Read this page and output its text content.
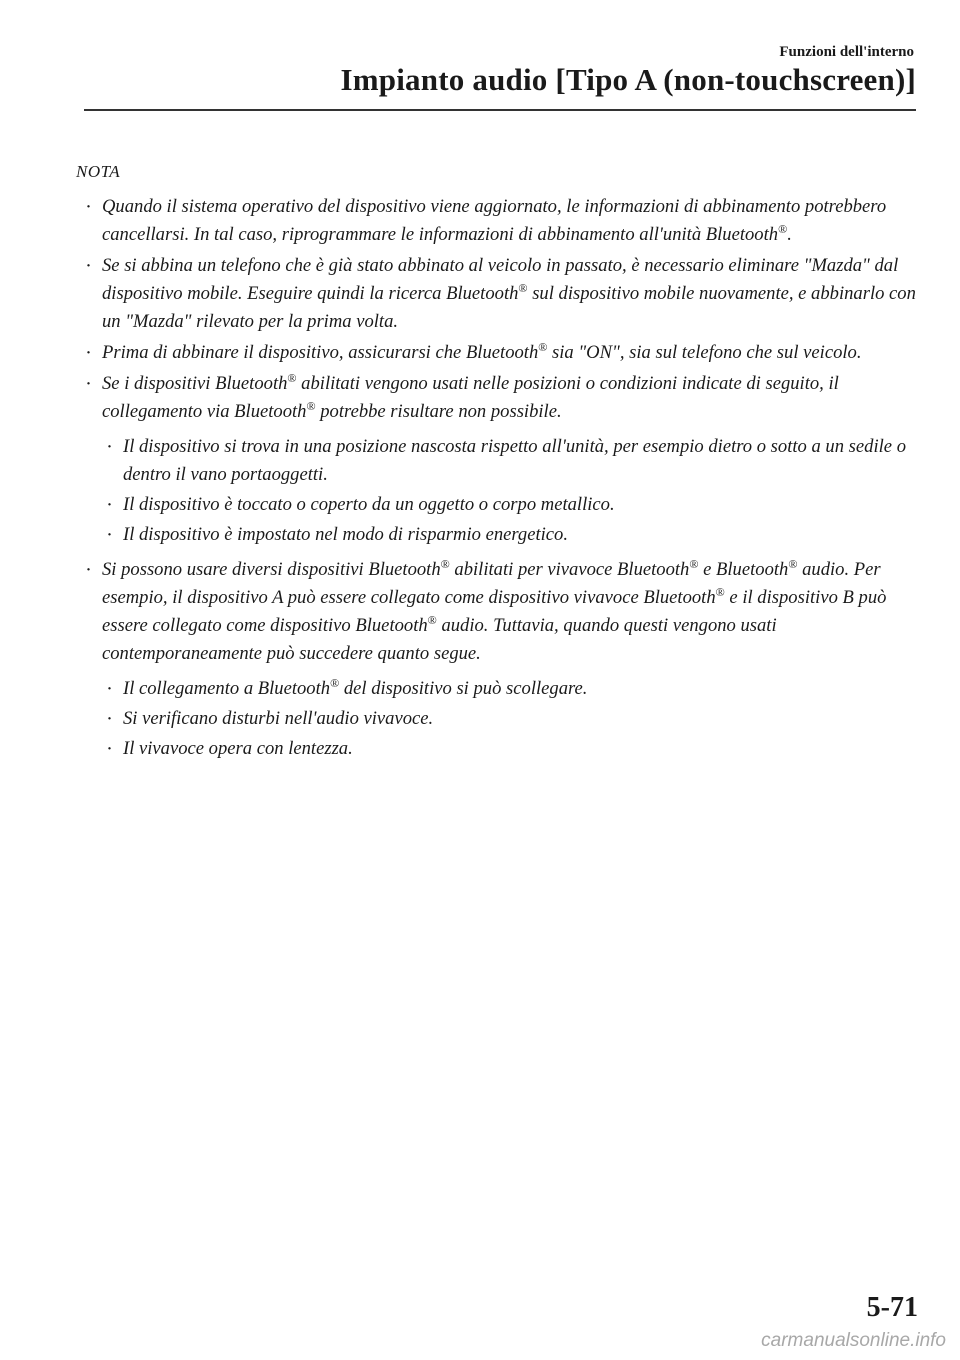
Funzioni dell'interno
Impianto audio [Tipo A (non-touchscreen)]
NOTA
· Quando il sistema operativo del dispositivo viene aggiornato, le informazioni di abbinamento potrebbero cancellarsi. In tal caso, riprogrammare le informazioni di abbinamento all'unità Bluetooth®.
· Se si abbina un telefono che è già stato abbinato al veicolo in passato, è necessario eliminare "Mazda" dal dispositivo mobile. Eseguire quindi la ricerca Bluetooth® sul dispositivo mobile nuovamente, e abbinarlo con un "Mazda" rilevato per la prima volta.
· Prima di abbinare il dispositivo, assicurarsi che Bluetooth® sia "ON", sia sul telefono che sul veicolo.
· Se i dispositivi Bluetooth® abilitati vengono usati nelle posizioni o condizioni indicate di seguito, il collegamento via Bluetooth® potrebbe risultare non possibile.
· Il dispositivo si trova in una posizione nascosta rispetto all'unità, per esempio dietro o sotto a un sedile o dentro il vano portaoggetti.
· Il dispositivo è toccato o coperto da un oggetto o corpo metallico.
· Il dispositivo è impostato nel modo di risparmio energetico.
· Si possono usare diversi dispositivi Bluetooth® abilitati per vivavoce Bluetooth® e Bluetooth® audio. Per esempio, il dispositivo A può essere collegato come dispositivo vivavoce Bluetooth® e il dispositivo B può essere collegato come dispositivo Bluetooth® audio. Tuttavia, quando questi vengono usati contemporaneamente può succedere quanto segue.
· Il collegamento a Bluetooth® del dispositivo si può scollegare.
· Si verificano disturbi nell'audio vivavoce.
· Il vivavoce opera con lentezza.
5-71
carmanualsonline.info
